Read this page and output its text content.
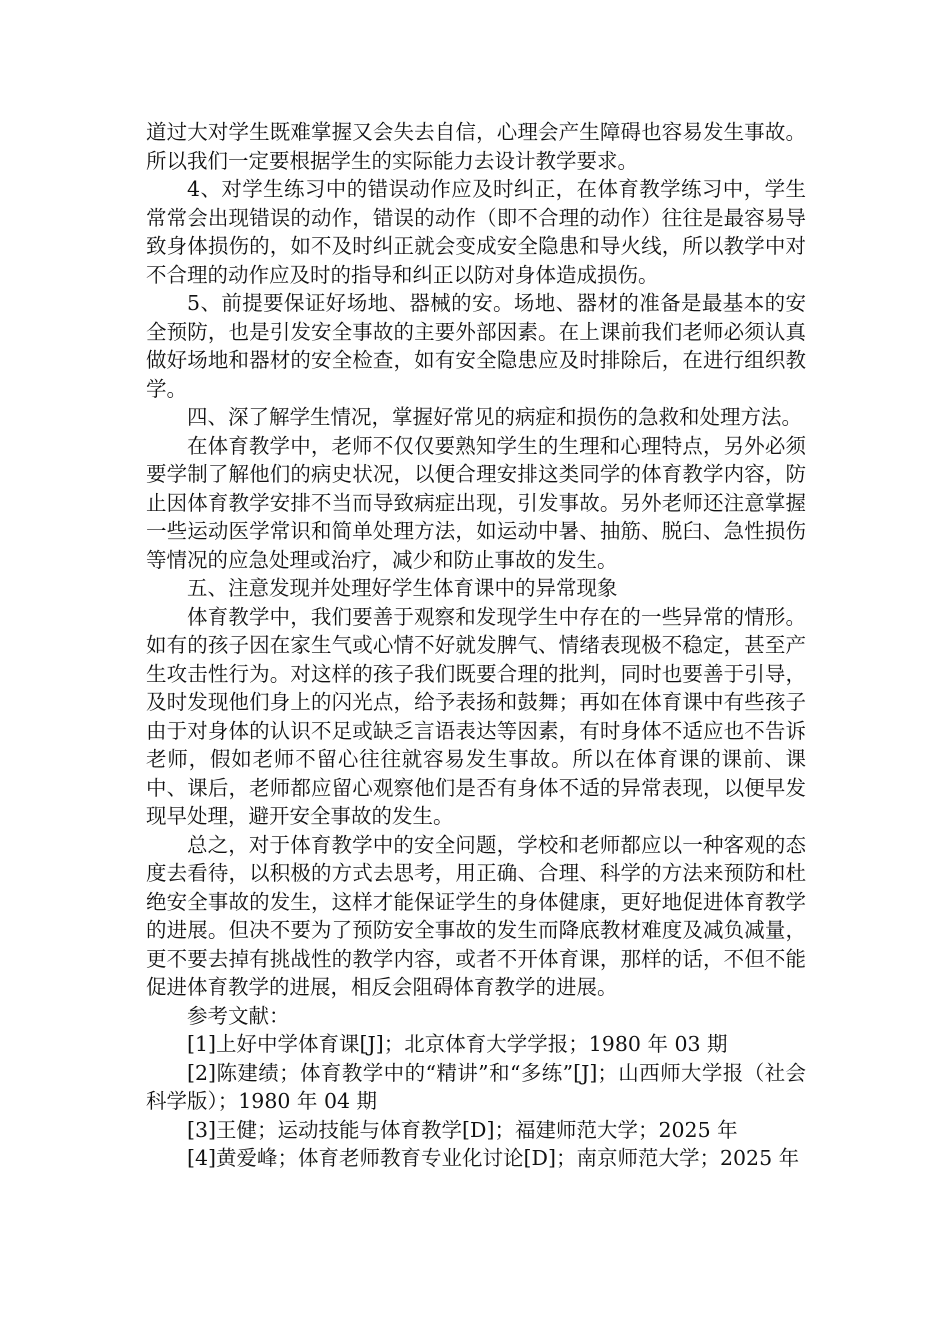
道过大对学生既难掌握又会失去自信，心理会产生障碍也容易发生事故。所以我们一定要根据学生的实际能力去设计教学要求。

4、对学生练习中的错误动作应及时纠正，在体育教学练习中，学生常常会出现错误的动作，错误的动作（即不合理的动作）往往是最容易导致身体损伤的，如不及时纠正就会变成安全隐患和导火线，所以教学中对不合理的动作应及时的指导和纠正以防对身体造成损伤。

5、前提要保证好场地、器械的安。场地、器材的准备是最基本的安全预防，也是引发安全事故的主要外部因素。在上课前我们老师必须认真做好场地和器材的安全检查，如有安全隐患应及时排除后，在进行组织教学。

四、深了解学生情况，掌握好常见的病症和损伤的急救和处理方法。

在体育教学中，老师不仅仅要熟知学生的生理和心理特点，另外必须要学制了解他们的病史状况，以便合理安排这类同学的体育教学内容，防止因体育教学安排不当而导致病症出现，引发事故。另外老师还注意掌握一些运动医学常识和简单处理方法，如运动中暑、抽筋、脱臼、急性损伤等情况的应急处理或治疗，减少和防止事故的发生。

五、注意发现并处理好学生体育课中的异常现象

体育教学中，我们要善于观察和发现学生中存在的一些异常的情形。如有的孩子因在家生气或心情不好就发脾气、情绪表现极不稳定，甚至产生攻击性行为。对这样的孩子我们既要合理的批判，同时也要善于引导，及时发现他们身上的闪光点，给予表扬和鼓舞；再如在体育课中有些孩子由于对身体的认识不足或缺乏言语表达等因素，有时身体不适应也不告诉老师，假如老师不留心往往就容易发生事故。所以在体育课的课前、课中、课后，老师都应留心观察他们是否有身体不适的异常表现，以便早发现早处理，避开安全事故的发生。

总之，对于体育教学中的安全问题，学校和老师都应以一种客观的态度去看待，以积极的方式去思考，用正确、合理、科学的方法来预防和杜绝安全事故的发生，这样才能保证学生的身体健康，更好地促进体育教学的进展。但决不要为了预防安全事故的发生而降底教材难度及减负减量，更不要去掉有挑战性的教学内容，或者不开体育课，那样的话，不但不能促进体育教学的进展，相反会阻碍体育教学的进展。

参考文献：

[1]上好中学体育课[J]；北京体育大学学报；1980 年 03 期

[2]陈建绩；体育教学中的“精讲”和“多练”[J]；山西师大学报（社会科学版）；1980 年 04 期

[3]王健；运动技能与体育教学[D]；福建师范大学；2025 年

[4]黄爱峰；体育老师教育专业化讨论[D]；南京师范大学；2025 年
